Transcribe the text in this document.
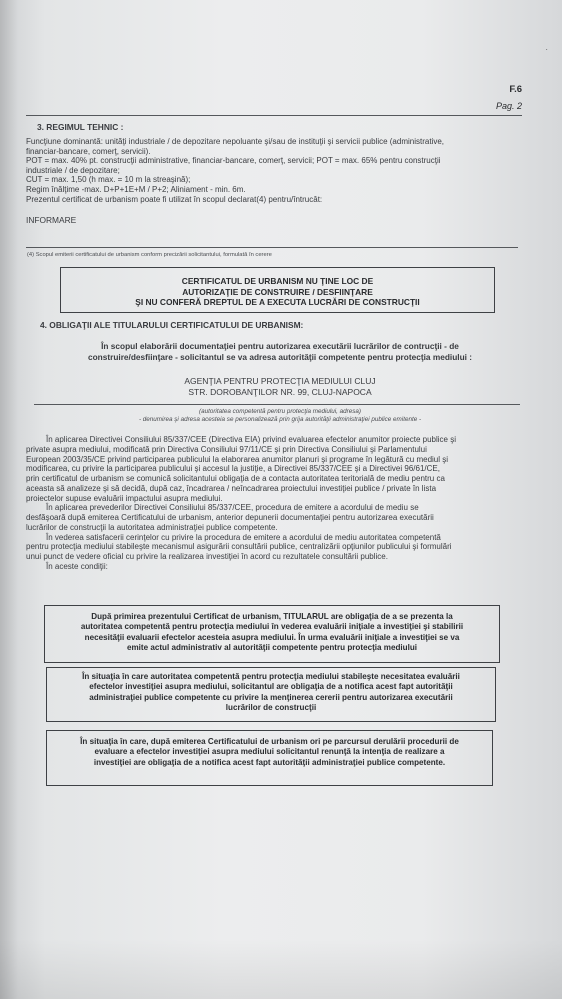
·
F.6
Pag. 2
3. REGIMUL TEHNIC :
Funcţiune dominantă: unităţi industriale / de depozitare nepoluante şi/sau de instituţii şi servicii publice (administrative,
financiar-bancare, comerţ, servicii).
POT = max. 40% pt. construcţii administrative, financiar-bancare, comerţ, servicii; POT = max. 65% pentru construcţii
industriale / de depozitare;
CUT = max. 1,50 (h max. = 10 m la streaşină);
Regim înălţime -max. D+P+1E+M / P+2; Aliniament - min. 6m.
Prezentul certificat de urbanism poate fi utilizat în scopul declarat(4) pentru/întrucât:
INFORMARE
(4) Scopul emiterii certificatului de urbanism conform precizării solicitantului, formulată în cerere
CERTIFICATUL DE URBANISM NU ŢINE LOC DE
AUTORIZAŢIE DE CONSTRUIRE / DESFIINŢARE
ŞI NU CONFERĂ DREPTUL DE A EXECUTA LUCRĂRI DE CONSTRUCŢII
4. OBLIGAŢII ALE TITULARULUI CERTIFICATULUI DE URBANISM:
În scopul elaborării documentaţiei pentru autorizarea executării lucrărilor de contrucţii - de
construire/desfiinţare - solicitantul se va adresa autorităţii competente pentru protecţia mediului :
AGENŢIA PENTRU PROTECŢIA MEDIULUI CLUJ
STR. DOROBANŢILOR NR. 99, CLUJ-NAPOCA
(autoritatea competentă pentru protecţia mediului, adresa)
- denumirea şi adresa acesteia se personalizează prin grija autorităţii administraţiei publice emitente -
În aplicarea Directivei Consiliului 85/337/CEE (Directiva EIA) privind evaluarea efectelor anumitor proiecte publice şi
private asupra mediului, modificată prin Directiva Consiliului 97/11/CE şi prin Directiva Consiliului şi Parlamentului
European 2003/35/CE privind participarea publicului la elaborarea anumitor planuri şi programe în legătură cu mediul şi
modificarea, cu privire la participarea publicului şi accesul la justiţie, a Directivei 85/337/CEE şi a Directivei 96/61/CE,
prin certificatul de urbanism se comunică solicitantului obligaţia de a contacta autoritatea teritorială de mediu pentru ca
aceasta să analizeze şi să decidă, după caz, încadrarea / neîncadrarea proiectului investiţiei publice / private în lista
proiectelor supuse evaluării impactului asupra mediului.
În aplicarea prevederilor Directivei Consiliului 85/337/CEE, procedura de emitere a acordului de mediu se
desfăşoară după emiterea Certificatului de urbanism, anterior depunerii documentaţiei pentru autorizarea executării
lucrărilor de construcţii la autoritatea administraţiei publice competente.
În vederea satisfacerii cerinţelor cu privire la procedura de emitere a acordului de mediu autoritatea competentă
pentru protecţia mediului stabileşte mecanismul asigurării consultării publice, centralizării opţiunilor publicului şi formulări
unui punct de vedere oficial cu privire la realizarea investiţiei în acord cu rezultatele consultării publice.
În aceste condiţii:
După primirea prezentului Certificat de urbanism, TITULARUL are obligaţia de a se prezenta la
autoritatea competentă pentru protecţia mediului în vederea evaluării iniţiale a investiţiei şi stabilirii
necesităţii evaluarii efectelor acesteia asupra mediului. În urma evaluării iniţiale a investiţiei se va
emite actul administrativ al autorităţii competente pentru protecţia mediului
În situaţia în care autoritatea competentă pentru protecţia mediului stabileşte necesitatea evaluării
efectelor investiţiei asupra mediului, solicitantul are obligaţia de a notifica acest fapt autorităţii
administraţiei publice competente cu privire la menţinerea cererii pentru autorizarea executării
lucrărilor de construcţii
În situaţia în care, după emiterea Certificatului de urbanism ori pe parcursul derulării procedurii de
evaluare a efectelor investiţiei asupra mediului solicitantul renunţă la intenţia de realizare a
investiţiei are obligaţia de a notifica acest fapt autorităţii administraţiei publice competente.
